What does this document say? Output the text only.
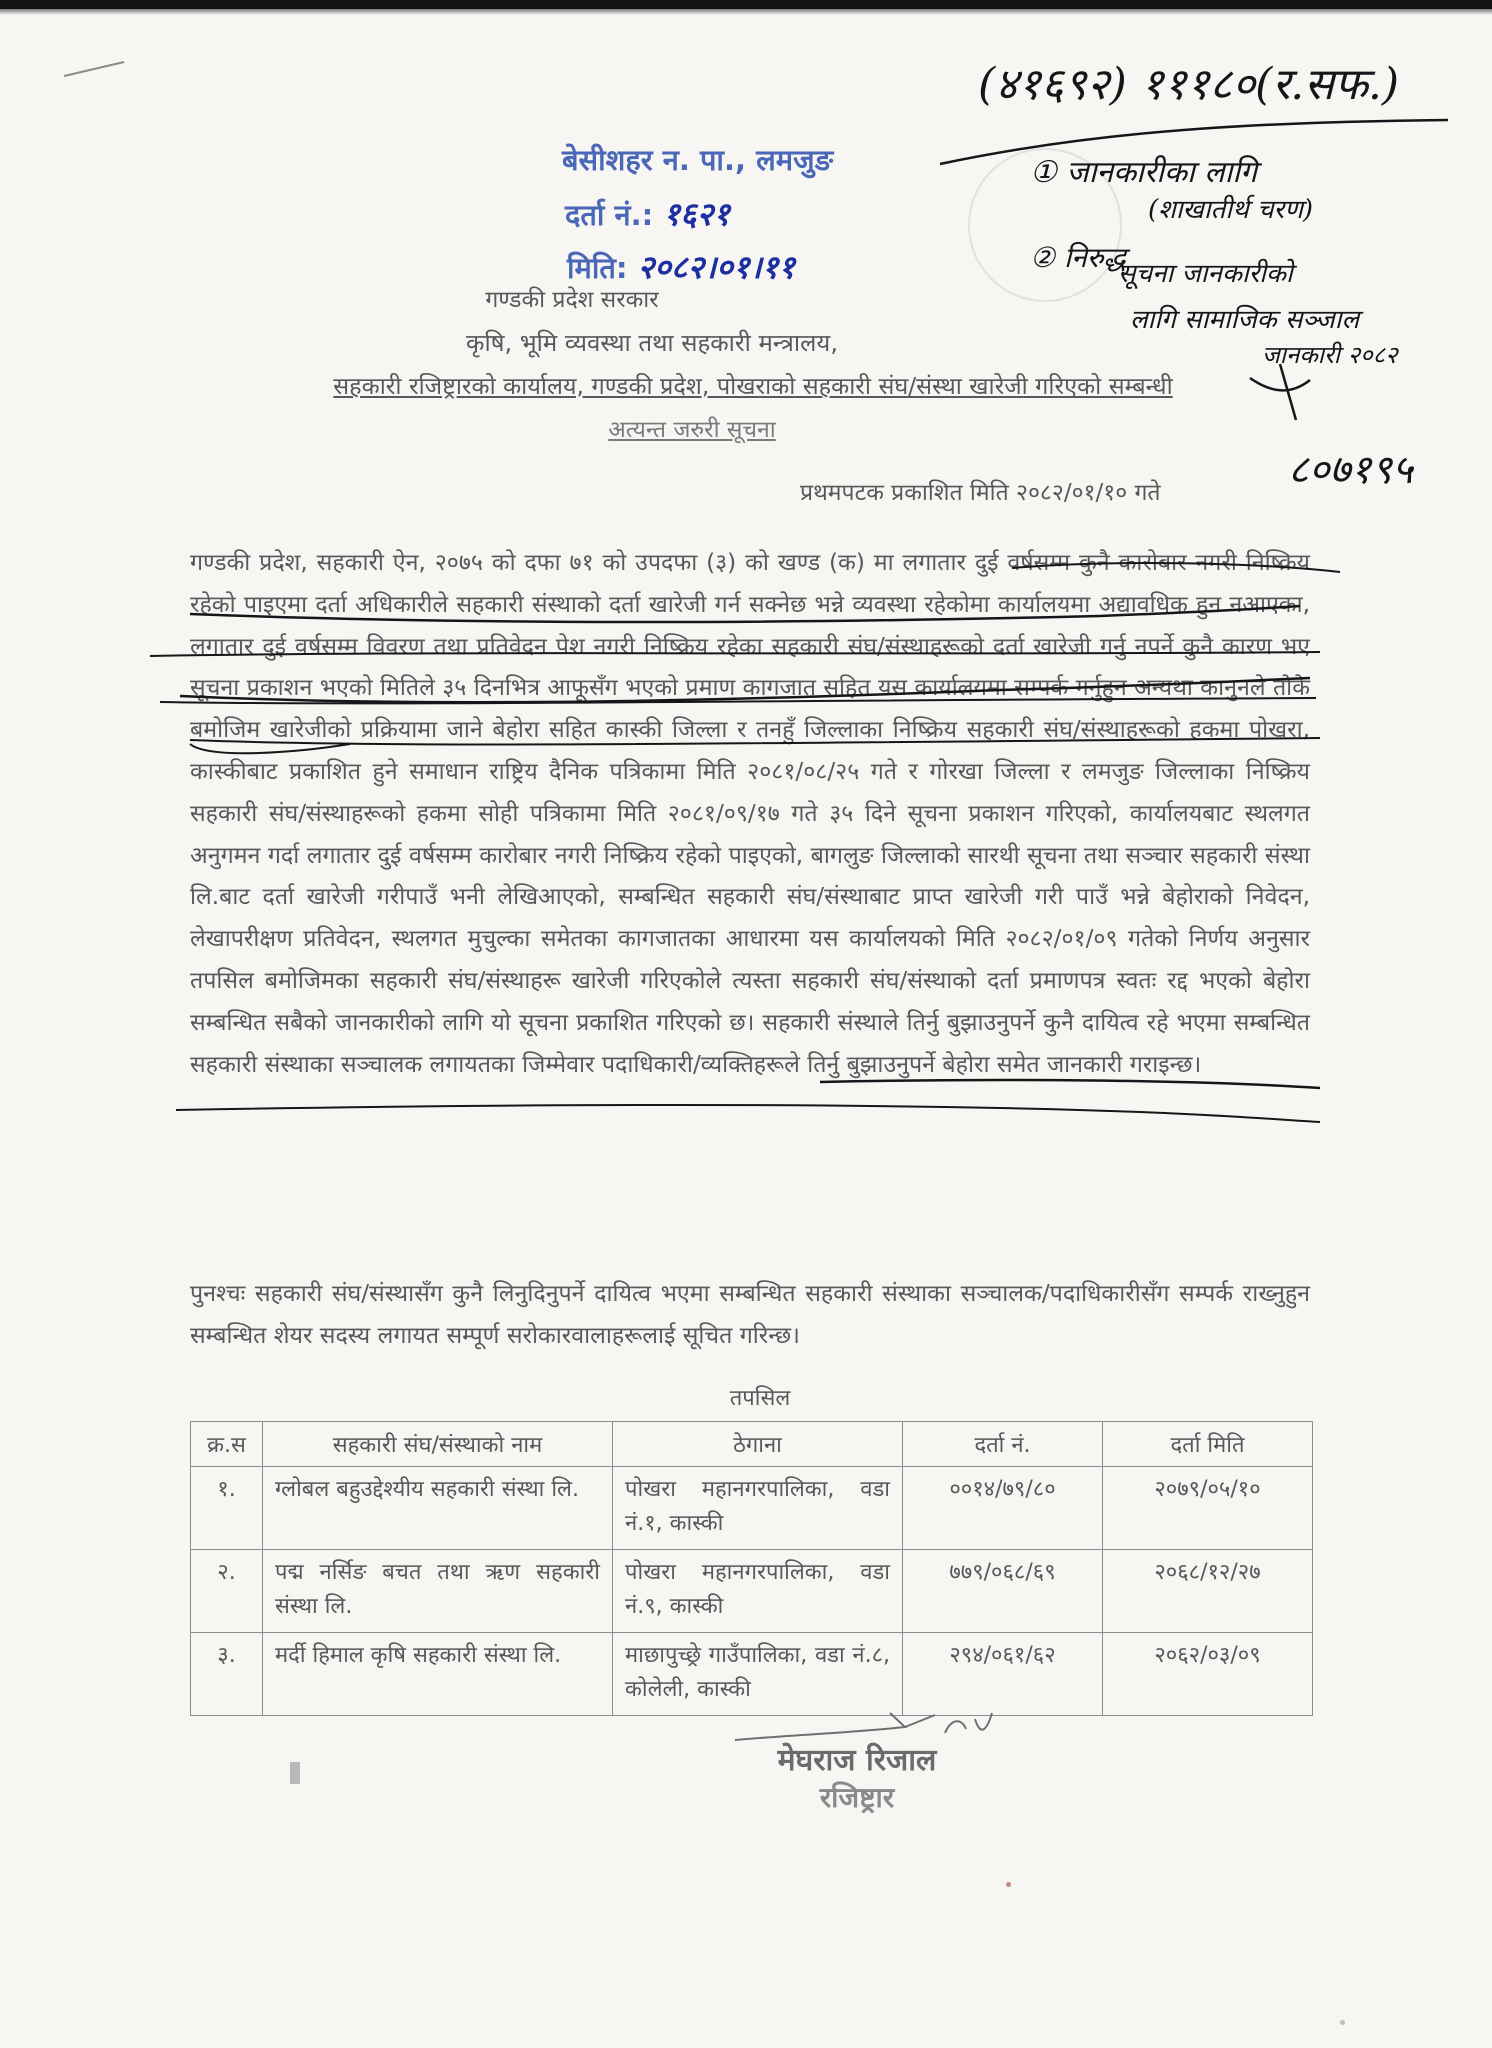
बेसीशहर न. पा., लमजुङ
दर्ता नं.: १६२१
मिति: २०८२।०१।११
गण्डकी प्रदेश सरकार
कृषि, भूमि व्यवस्था तथा सहकारी मन्त्रालय,
सहकारी रजिष्ट्रारको कार्यालय, गण्डकी प्रदेश, पोखराको सहकारी संघ/संस्था खारेजी गरिएको सम्बन्धी
अत्यन्त जरुरी सूचना
प्रथमपटक प्रकाशित मिति २०८२/०१/१० गते

गण्डकी प्रदेश, सहकारी ऐन, २०७५ को दफा ७१ को उपदफा (३) को खण्ड (क) मा लगातार दुई वर्षसम्म कुनै कारोबार नगरी निष्क्रिय रहेको पाइएमा दर्ता अधिकारीले सहकारी संस्थाको दर्ता खारेजी गर्न सक्नेछ भन्ने व्यवस्था रहेकोमा कार्यालयमा अद्यावधिक हुन नआएका, लगातार दुई वर्षसम्म विवरण तथा प्रतिवेदन पेश नगरी निष्क्रिय रहेका सहकारी संघ/संस्थाहरूको दर्ता खारेजी गर्नु नपर्ने कुनै कारण भए सूचना प्रकाशन भएको मितिले ३५ दिनभित्र आफूसँग भएको प्रमाण कागजात सहित यस कार्यालयमा सम्पर्क गर्नुहुन अन्यथा कानुनले तोके बमोजिम खारेजीको प्रक्रियामा जाने बेहोरा सहित कास्की जिल्ला र तनहुँ जिल्लाका निष्क्रिय सहकारी संघ/संस्थाहरूको हकमा पोखरा, कास्कीबाट प्रकाशित हुने समाधान राष्ट्रिय दैनिक पत्रिकामा मिति २०८१/०८/२५ गते र गोरखा जिल्ला र लमजुङ जिल्लाका निष्क्रिय सहकारी संघ/संस्थाहरूको हकमा सोही पत्रिकामा मिति २०८१/०९/१७ गते ३५ दिने सूचना प्रकाशन गरिएको, कार्यालयबाट स्थलगत अनुगमन गर्दा लगातार दुई वर्षसम्म कारोबार नगरी निष्क्रिय रहेको पाइएको, बागलुङ जिल्लाको सारथी सूचना तथा सञ्चार सहकारी संस्था लि.बाट दर्ता खारेजी गरीपाउँ भनी लेखिआएको, सम्बन्धित सहकारी संघ/संस्थाबाट प्राप्त खारेजी गरी पाउँ भन्ने बेहोराको निवेदन, लेखापरीक्षण प्रतिवेदन, स्थलगत मुचुल्का समेतका कागजातका आधारमा यस कार्यालयको मिति २०८२/०१/०९ गतेको निर्णय अनुसार तपसिल बमोजिमका सहकारी संघ/संस्थाहरू खारेजी गरिएकोले त्यस्ता सहकारी संघ/संस्थाको दर्ता प्रमाणपत्र स्वतः रद्द भएको बेहोरा सम्बन्धित सबैको जानकारीको लागि यो सूचना प्रकाशित गरिएको छ। सहकारी संस्थाले तिर्नु बुझाउनुपर्ने कुनै दायित्व रहे भएमा सम्बन्धित सहकारी संस्थाका सञ्चालक लगायतका जिम्मेवार पदाधिकारी/व्यक्तिहरूले तिर्नु बुझाउनुपर्ने बेहोरा समेत जानकारी गराइन्छ।

पुनश्चः सहकारी संघ/संस्थासँग कुनै लिनुदिनुपर्ने दायित्व भएमा सम्बन्धित सहकारी संस्थाका सञ्चालक/पदाधिकारीसँग सम्पर्क राख्नुहुन सम्बन्धित शेयर सदस्य लगायत सम्पूर्ण सरोकारवालाहरूलाई सूचित गरिन्छ।

तपसिल
क्र.स	सहकारी संघ/संस्थाको नाम	ठेगाना	दर्ता नं.	दर्ता मिति
१.	ग्लोबल बहुउद्देश्यीय सहकारी संस्था लि.	पोखरा महानगरपालिका, वडा नं.१, कास्की	००१४/७९/८०	२०७९/०५/१०
२.	पद्म नर्सिङ बचत तथा ऋण सहकारी संस्था लि.	पोखरा महानगरपालिका, वडा नं.९, कास्की	७७९/०६८/६९	२०६८/१२/२७
३.	मर्दी हिमाल कृषि सहकारी संस्था लि.	माछापुच्छ्रे गाउँपालिका, वडा नं.८, कोलेली, कास्की	२९४/०६१/६२	२०६२/०३/०९
मेघराज रिजाल
रजिष्ट्रार
(४१६९२) १११८०(र.सफ.)
① जानकारीका लागि
(शाखातीर्थ चरण)
② निरुद्ध
सूचना जानकारीको
लागि सामाजिक सञ्जाल
जानकारी २०८२
८०७१९५
